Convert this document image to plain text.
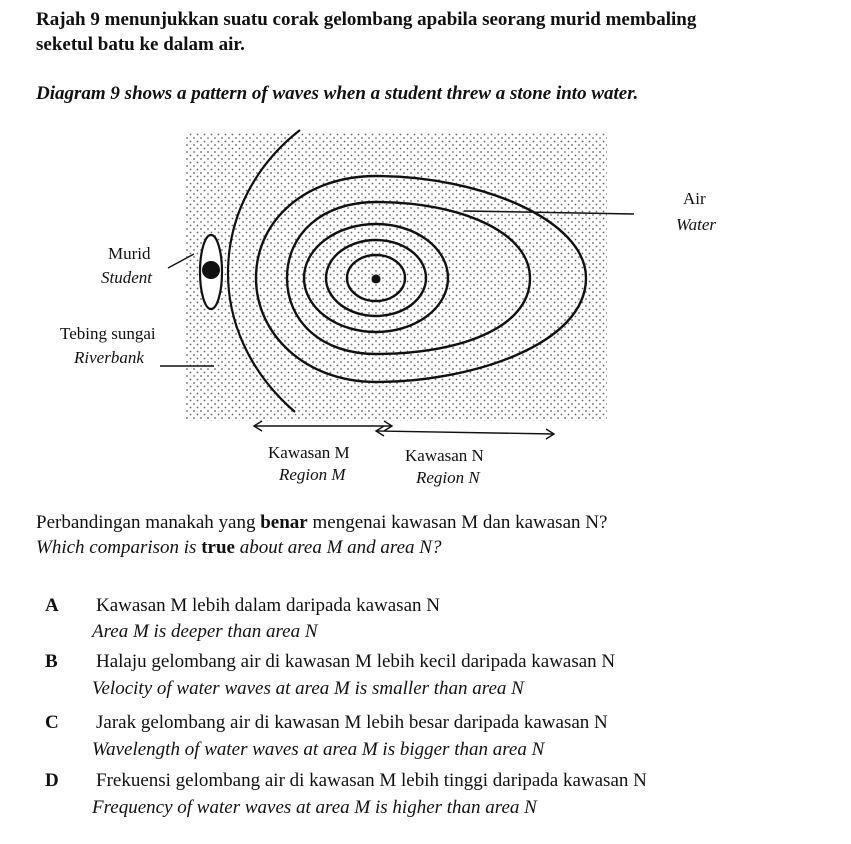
Rajah 9 menunjukkan suatu corak gelombang apabila seorang murid membaling
seketul batu ke dalam air.
Diagram 9 shows a pattern of waves when a student threw a stone into water.
Air
Water
Murid
Student
Tebing sungai
Riverbank
Kawasan M
Region M
Kawasan N
Region N
Perbandingan manakah yang benar mengenai kawasan M dan kawasan N?
Which comparison is true about area M and area N?
A Kawasan M lebih dalam daripada kawasan N
Area M is deeper than area N
B Halaju gelombang air di kawasan M lebih kecil daripada kawasan N
Velocity of water waves at area M is smaller than area N
C Jarak gelombang air di kawasan M lebih besar daripada kawasan N
Wavelength of water waves at area M is bigger than area N
D Frekuensi gelombang air di kawasan M lebih tinggi daripada kawasan N
Frequency of water waves at area M is higher than area N
